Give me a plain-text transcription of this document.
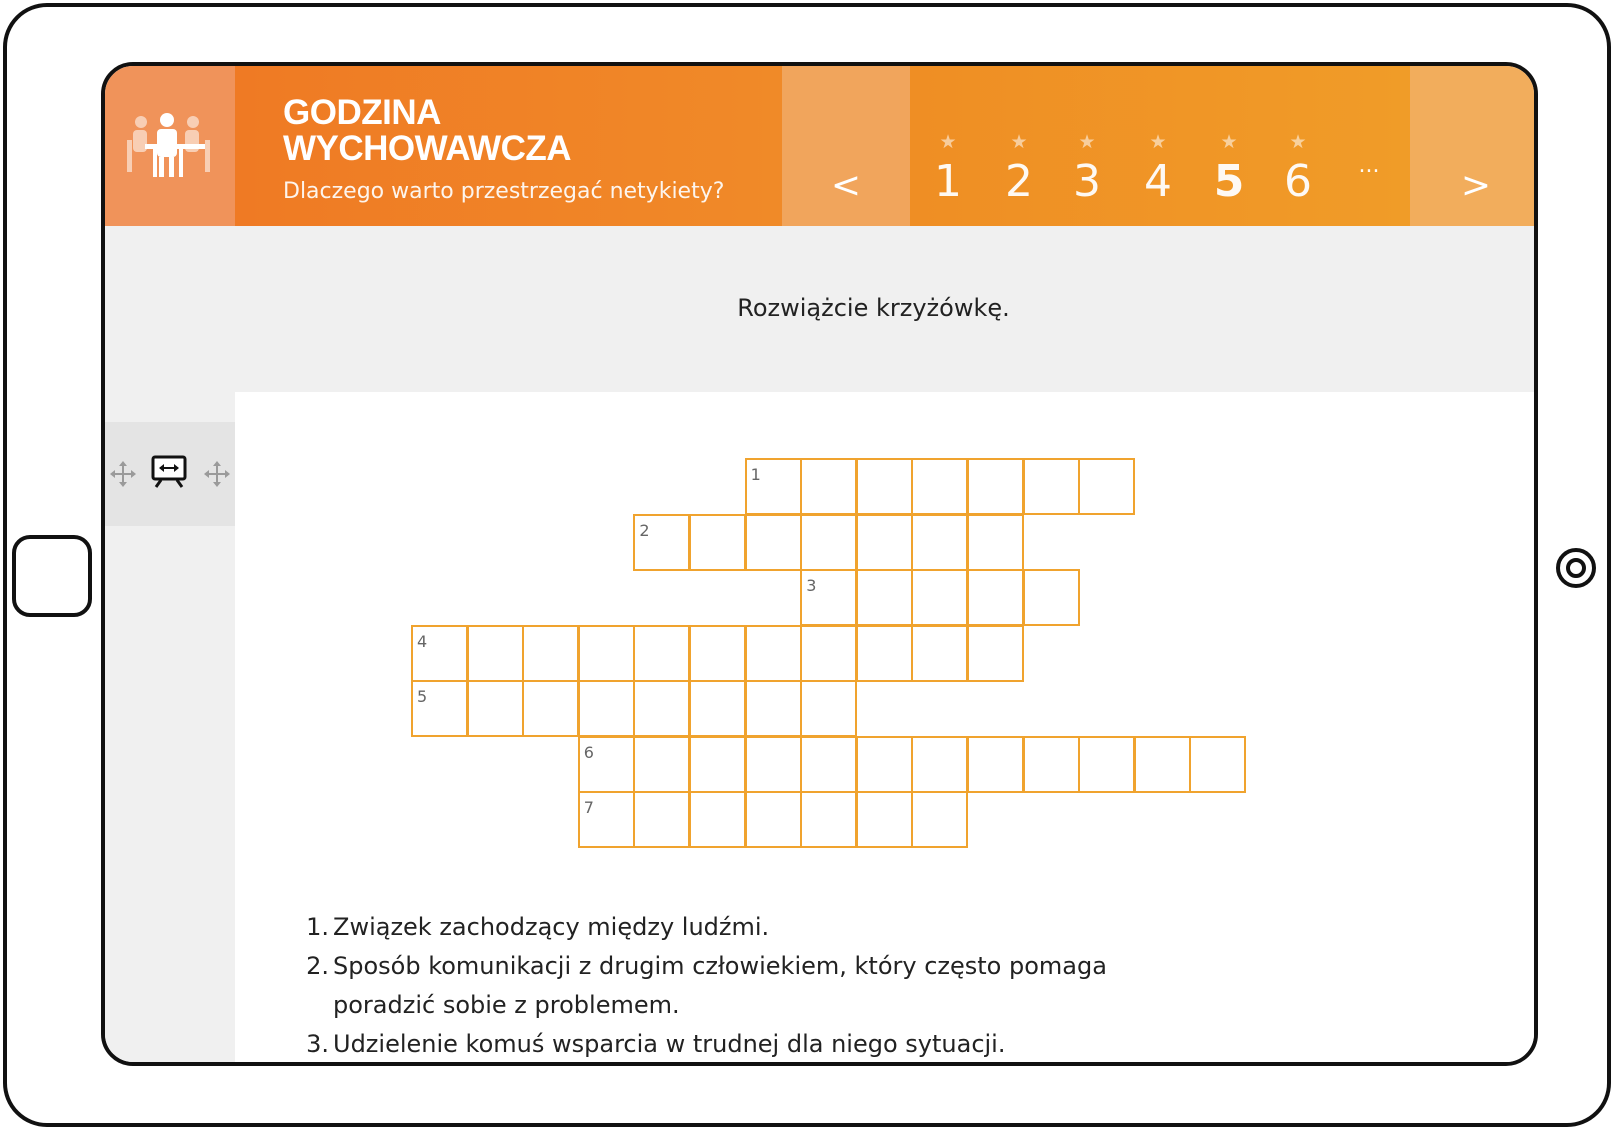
GODZINA
WYCHOWAWCZA
Dlaczego warto przestrzegać netykiety?	<
★
1
★
2
★
3
★
4
★
5
★
6	...	>
Rozwiążcie krzyżówkę.
1
2
3
4
5
6
7
1. Związek zachodzący między ludźmi.
2. Sposób komunikacji z drugim człowiekiem, który często pomaga poradzić sobie z problemem.
3. Udzielenie komuś wsparcia w trudnej dla niego sytuacji.
